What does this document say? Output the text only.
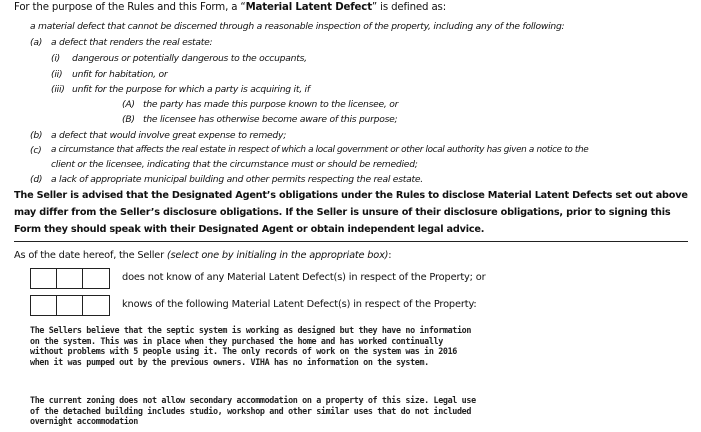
For the purpose of the Rules and this Form, a “Material Latent Defect” is defined as:
a material defect that cannot be discerned through a reasonable inspection of the property, including any of the following:
(a) a defect that renders the real estate:
(i) dangerous or potentially dangerous to the occupants,
(ii) unfit for habitation, or
(iii) unfit for the purpose for which a party is acquiring it, if
(A) the party has made this purpose known to the licensee, or
(B) the licensee has otherwise become aware of this purpose;
(b) a defect that would involve great expense to remedy;
(c) a circumstance that affects the real estate in respect of which a local government or other local authority has given a notice to the
client or the licensee, indicating that the circumstance must or should be remedied;
(d) a lack of appropriate municipal building and other permits respecting the real estate.
The Seller is advised that the Designated Agent’s obligations under the Rules to disclose Material Latent Defects set out above may differ from the Seller’s disclosure obligations. If the Seller is unsure of their disclosure obligations, prior to signing this Form they should speak with their Designated Agent or obtain independent legal advice.
As of the date hereof, the Seller (select one by initialing in the appropriate box):
does not know of any Material Latent Defect(s) in respect of the Property; or
knows of the following Material Latent Defect(s) in respect of the Property:
The Sellers believe that the septic system is working as designed but they have no information
on the system. This was in place when they purchased the home and has worked continually
without problems with 5 people using it. The only records of work on the system was in 2016
when it was pumped out by the previous owners. VIHA has no information on the system.
The current zoning does not allow secondary accommodation on a property of this size. Legal use
of the detached building includes studio, workshop and other similar uses that do not included
overnight accommodation
